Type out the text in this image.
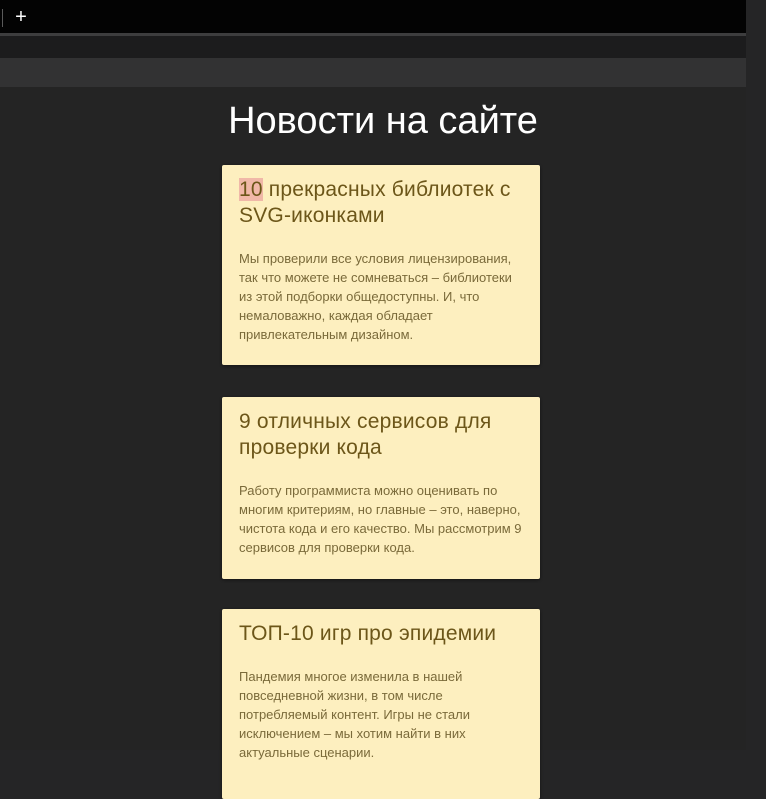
+
Новости на сайте
10 прекрасных библиотек с SVG-иконками

Мы проверили все условия лицензирования, так что можете не сомневаться – библиотеки из этой подборки общедоступны. И, что немаловажно, каждая обладает привлекательным дизайном.

9 отличных сервисов для проверки кода

Работу программиста можно оценивать по многим критериям, но главные – это, наверно, чистота кода и его качество. Мы рассмотрим 9 сервисов для проверки кода.

ТОП-10 игр про эпидемии

Пандемия многое изменила в нашей повседневной жизни, в том числе потребляемый контент. Игры не стали исключением – мы хотим найти в них актуальные сценарии.
